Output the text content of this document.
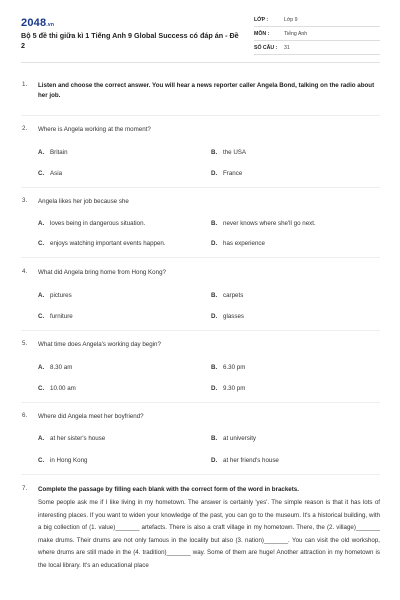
2048.vn
Bộ 5 đề thi giữa kì 1 Tiếng Anh 9 Global Success có đáp án - Đề 2
LỚP :	Lớp 9
MÔN :	Tiếng Anh
SỐ CÂU : 31
1. Listen and choose the correct answer. You will hear a news reporter caller Angela Bond, talking on the radio about her job.
2. Where is Angela working at the moment?
A. Britain	B. the USA
C. Asia	D. France
3. Angela likes her job because she
A. loves being in dangerous situation.	B. never knows where she'll go next.
C. enjoys watching important events happen.	D. has experience
4. What did Angela bring home from Hong Kong?
A. pictures	B. carpets
C. furniture	D. glasses
5. What time does Angela's working day begin?
A. 8.30 am	B. 6.30 pm
C. 10.00 am	D. 9.30 pm
6. Where did Angela meet her boyfriend?
A. at her sister's house	B. at university
C. in Hong Kong	D. at her friend's house
7. Complete the passage by filling each blank with the correct form of the word in brackets.
Some people ask me if I like living in my hometown. The answer is certainly 'yes'. The simple reason is that it has lots of interesting places. If you want to widen your knowledge of the past, you can go to the museum. It's a historical building, with a big collection of (1. value)_______ artefacts. There is also a craft village in my hometown. There, the (2. village)_______ make drums. Their drums are not only famous in the locality but also (3. nation)_______. You can visit the old workshop, where drums are still made in the (4. tradition)_______ way. Some of them are huge! Another attraction in my hometown is the local library. It's an educational place
